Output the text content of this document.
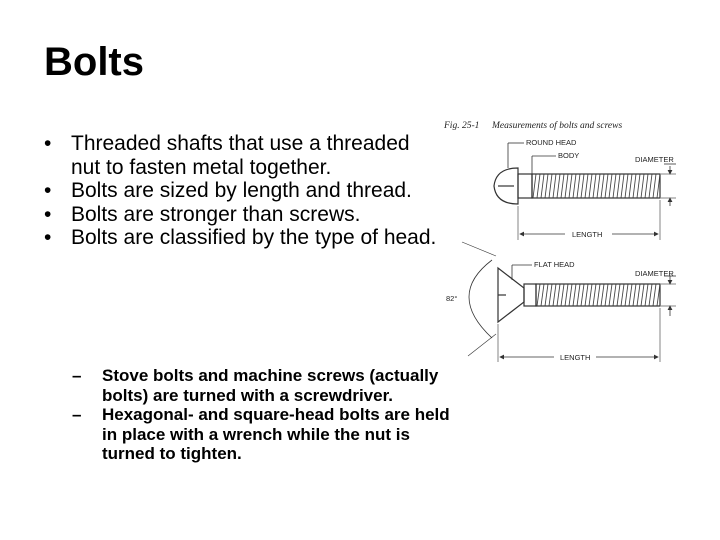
Bolts
• Threaded shafts that use a threaded nut to fasten metal together.
• Bolts are sized by length and thread.
• Bolts are stronger than screws.
• Bolts are classified by the type of head.
– Stove bolts and machine screws (actually bolts) are turned with a screwdriver.
– Hexagonal- and square-head bolts are held in place with a wrench while the nut is turned to tighten.
Fig. 25-1 Measurements of bolts and screws
ROUND HEAD
BODY	DIAMETER
LENGTH
82°
FLAT HEAD
DIAMETER
LENGTH
